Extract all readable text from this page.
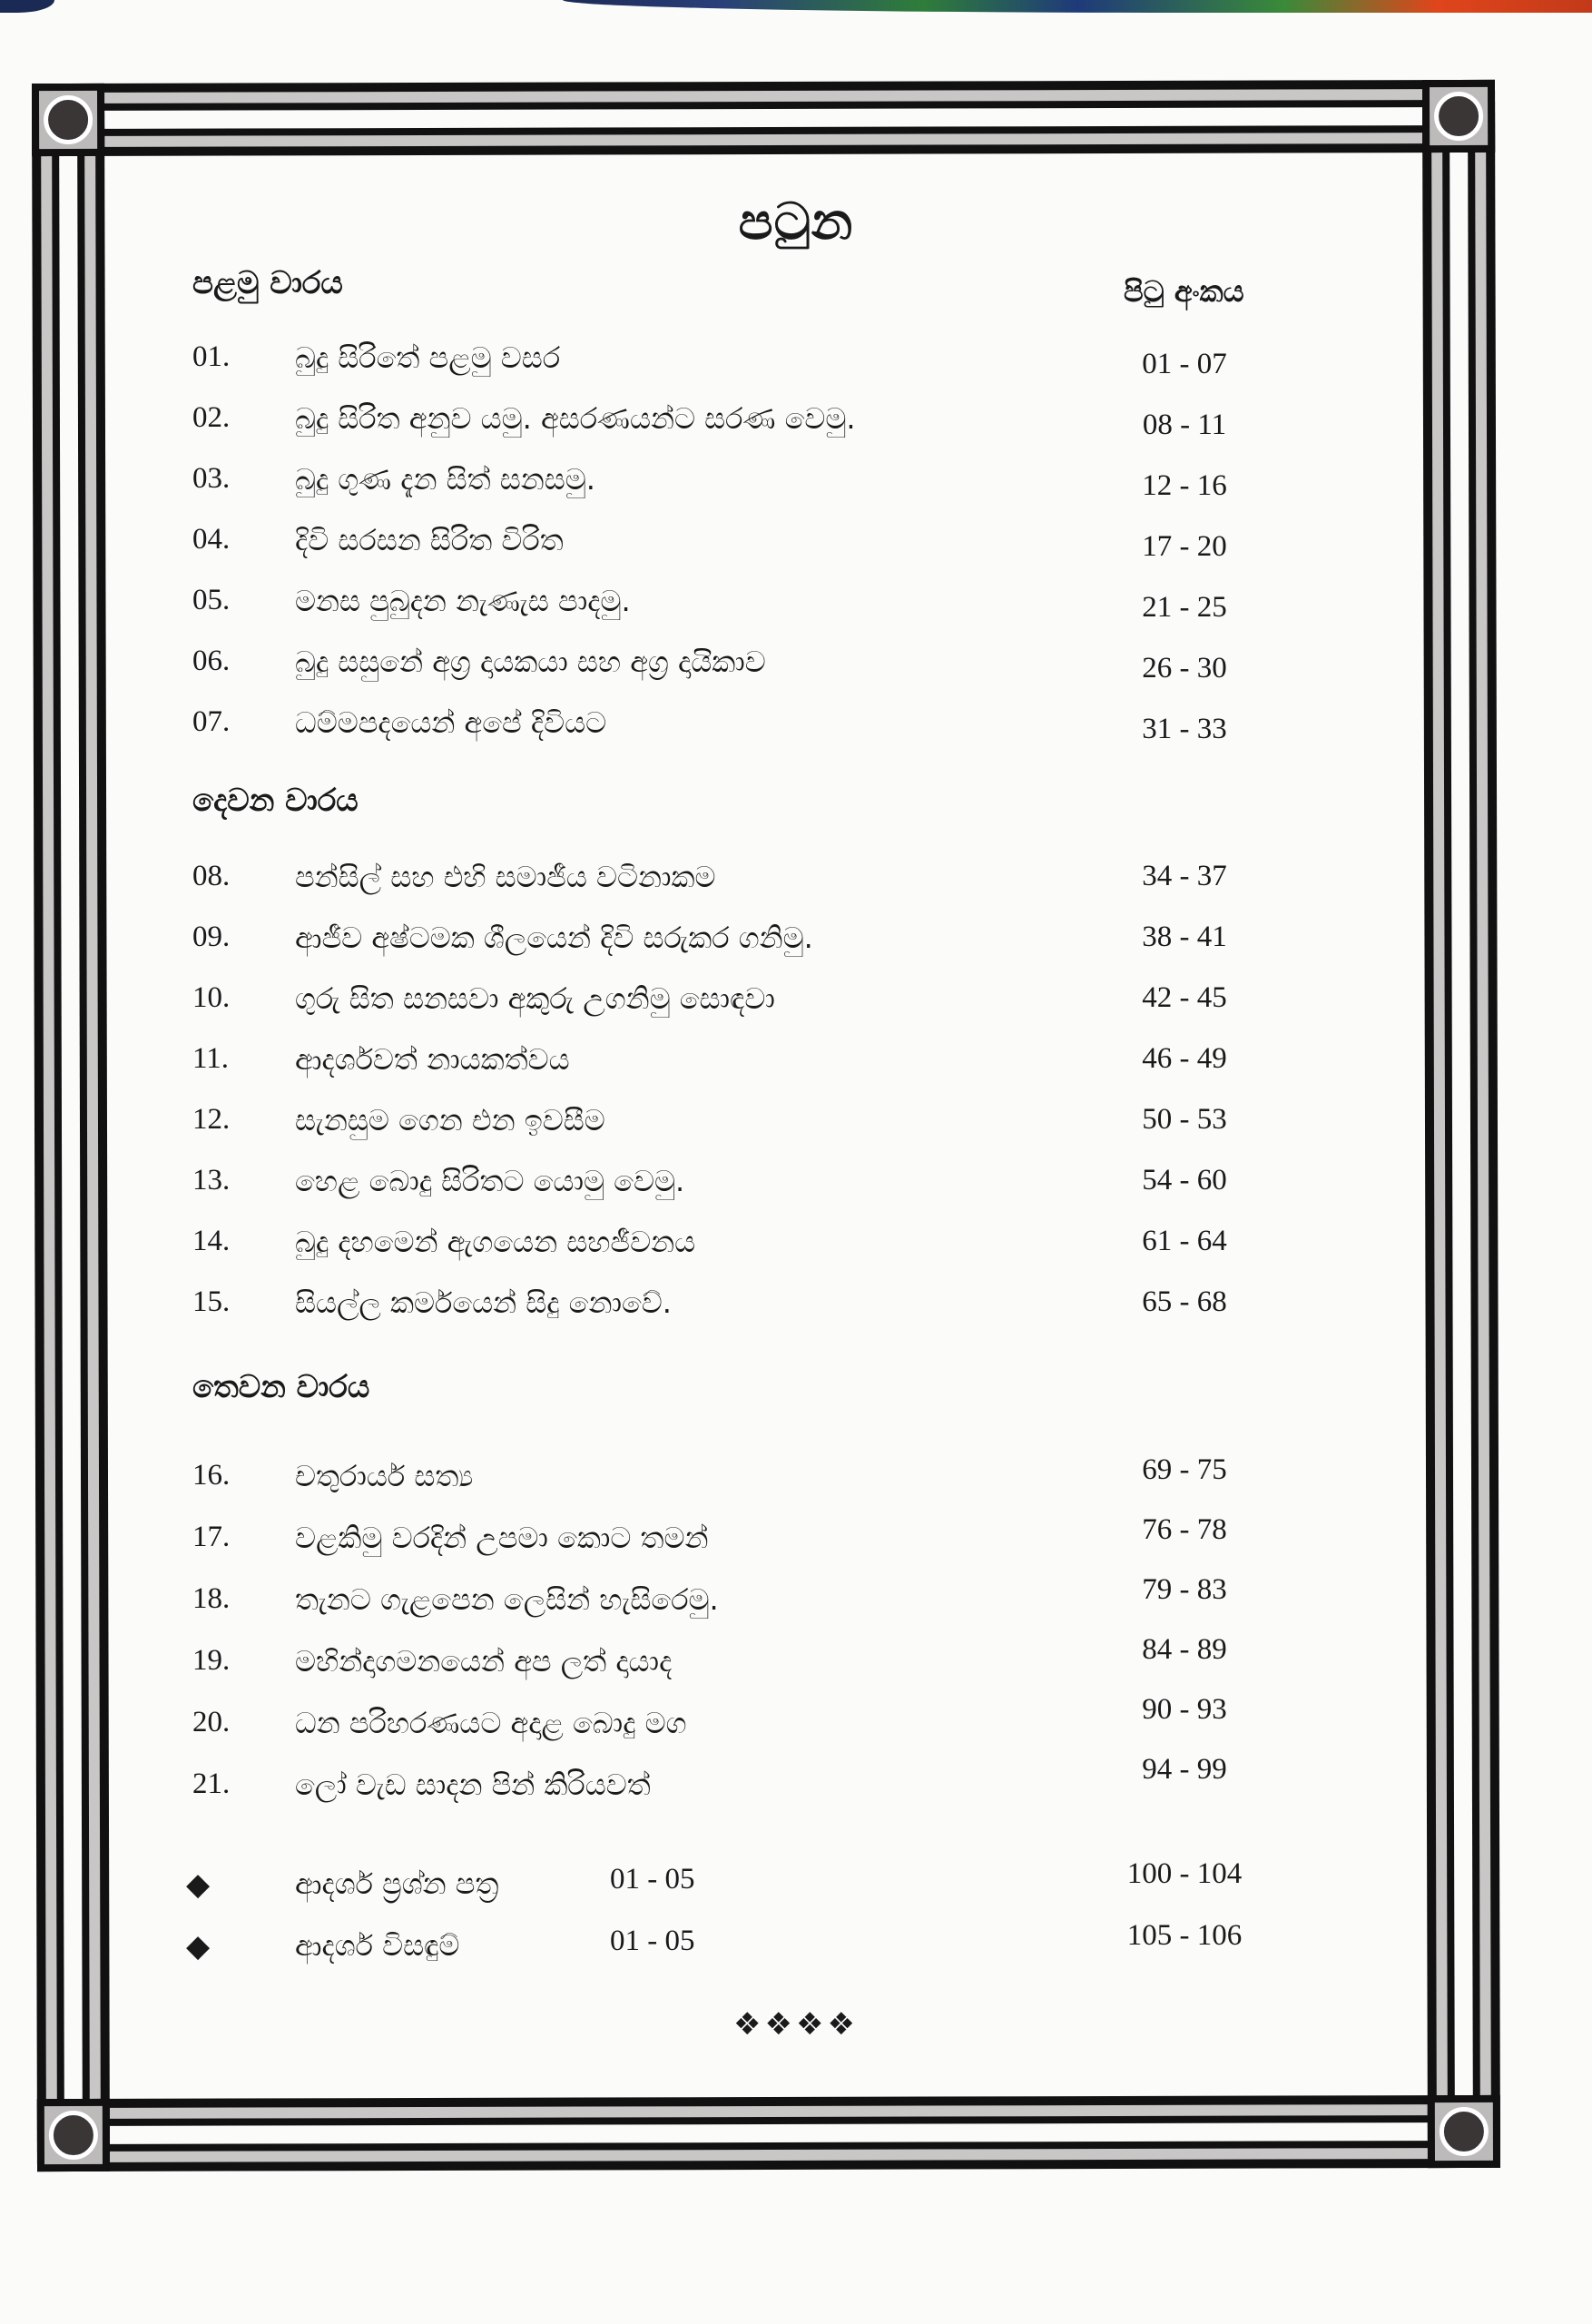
පටුන
පළමු වාරය	පිටු අංකය
01. බුදු සිරිතේ පළමු වසර	01 - 07
02. බුදු සිරිත අනුව යමු. අසරණයන්ට සරණ වෙමු.	08 - 11
03. බුදු ගුණ දැන සිත් සනසමු.	12 - 16
04. දිවි සරසන සිරිත විරිත	17 - 20
05. මනස පුබුදන නැණැස පාදමු.	21 - 25
06. බුදු සසුනේ අග්‍ර දායකයා සහ අග්‍ර දායිකාව	26 - 30
07. ධම්මපදයෙන් අපේ දිවියට	31 - 33
දෙවන වාරය
08. පන්සිල් සහ එහි සමාජීය වටිනාකම	34 - 37
09. ආජීව අෂ්ටමක ශීලයෙන් දිවි සරුකර ගනිමු.	38 - 41
10. ගුරු සිත සනසවා අකුරු උගනිමු සොඳවා	42 - 45
11. ආදර්ශවත් නායකත්වය	46 - 49
12. සැනසුම ගෙන එන ඉවසීම	50 - 53
13. හෙළ බොදු සිරිතට යොමු වෙමු.	54 - 60
14. බුදු දහමෙන් ඇගයෙන සහජීවනය	61 - 64
15. සියල්ල කර්මයෙන් සිදු නොවේ.	65 - 68
තෙවන වාරය
16. චතුරාර්ය සත්‍ය	69 - 75
17. වළකිමු වරදින් උපමා කොට තමන්	76 - 78
18. තැනට ගැළපෙන ලෙසින් හැසිරෙමු.	79 - 83
19. මහින්දාගමනයෙන් අප ලත් දායාද	84 - 89
20. ධන පරිහරණයට අදාළ බොදු මග	90 - 93
21. ලෝ වැඩ සාදන පින් කිරියවත්	94 - 99
◆	ආදර්ශ ප්‍රශ්න පත්‍ර	01 - 05	100 - 104
◆	ආදර්ශ විසඳුම්	01 - 05	105 - 106
❖❖❖❖
